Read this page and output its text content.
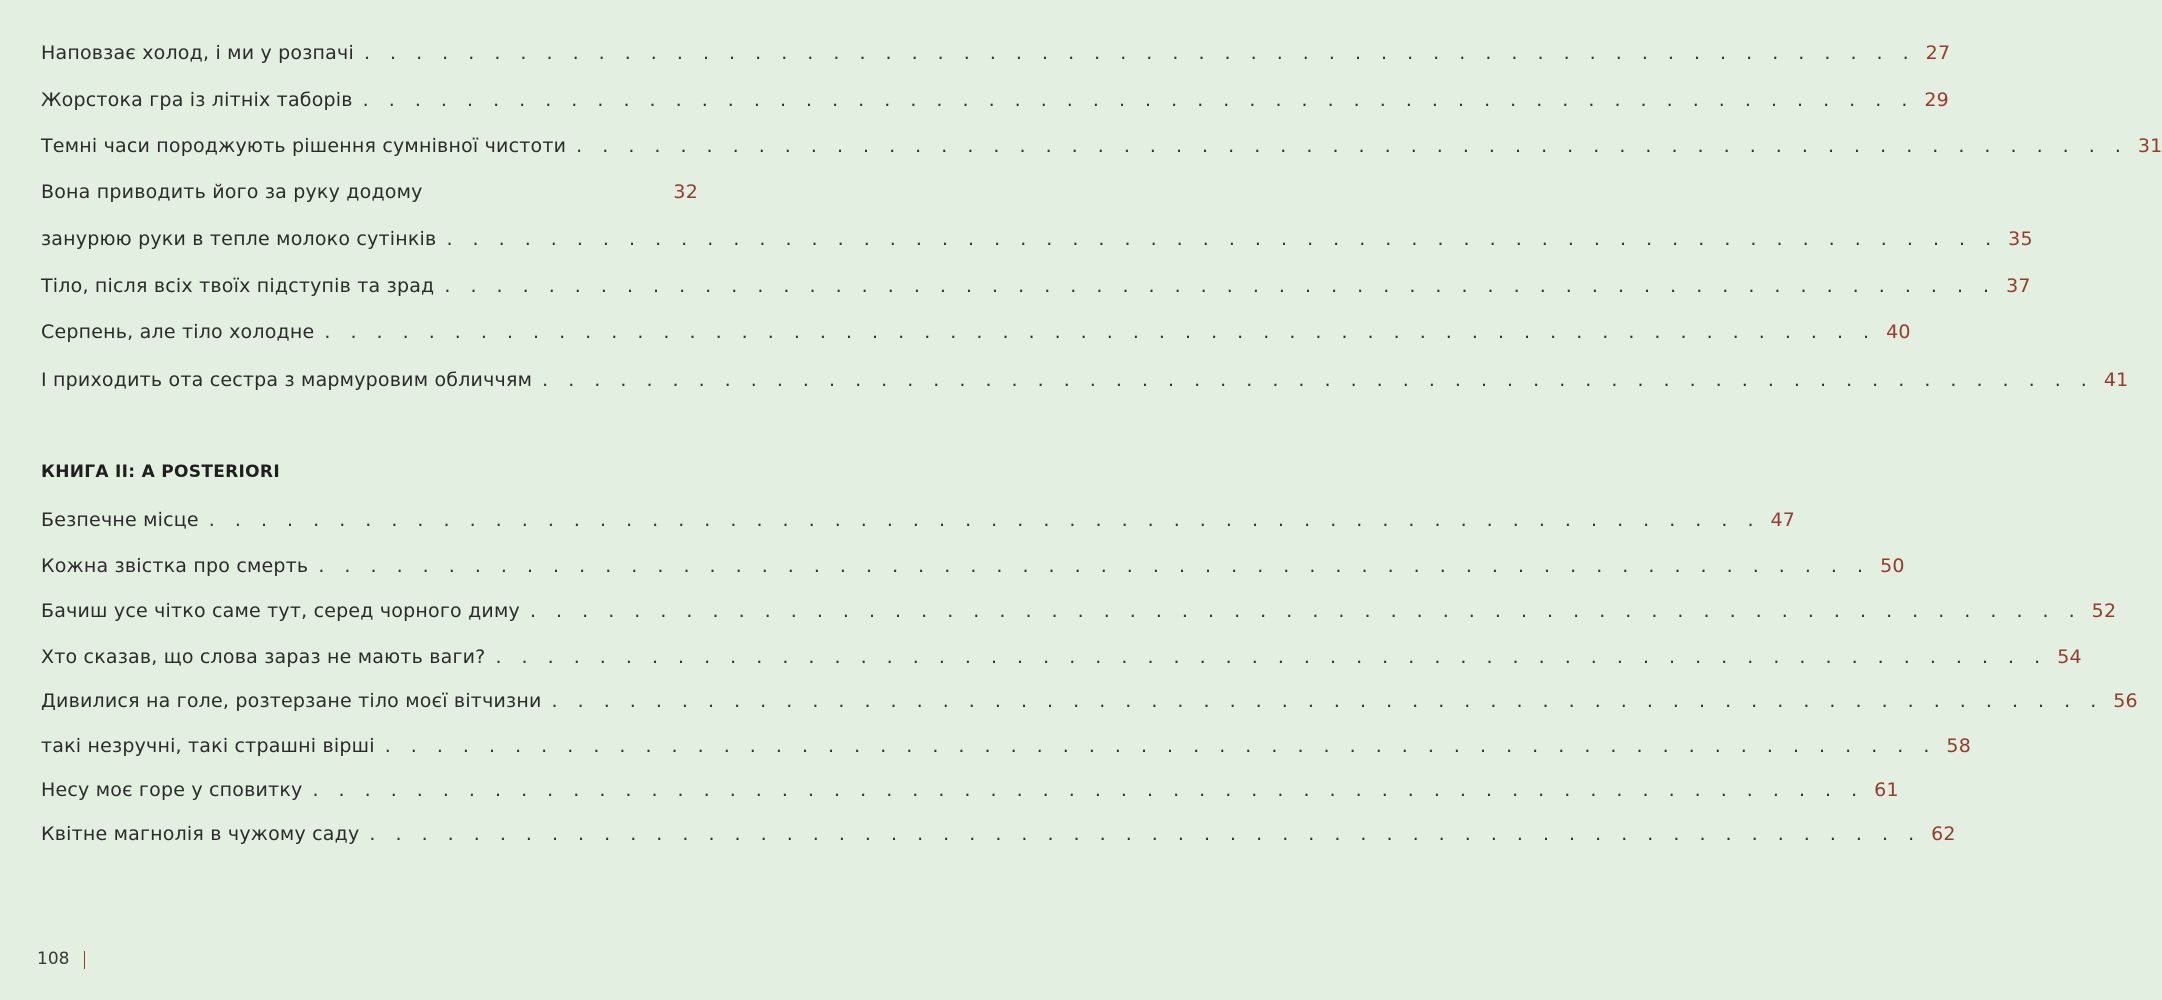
Наповзає холод, і ми у розпачі . . . . . . . . . . . . . . . . . . . . . . . . . . . . . . . . . . . . . . . . . . . . . . . . . . . . . . . . . . . . 27
Жорстока гра із літніх таборів . . . . . . . . . . . . . . . . . . . . . . . . . . . . . . . . . . . . . . . . . . . . . . . . . . . . . . . . . . . . 29
Темні часи породжують рішення сумнівної чистоти . . . . . . . . . . . . . . . . . . . . . . . . . . . . . . . . . . . . . . . . . . . . . . . . . . . . . . . . . . . . 31
Вона приводить його за руку додому	32
занурюю руки в тепле молоко сутінків . . . . . . . . . . . . . . . . . . . . . . . . . . . . . . . . . . . . . . . . . . . . . . . . . . . . . . . . . . . . 35
Тіло, після всіх твоїх підступів та зрад . . . . . . . . . . . . . . . . . . . . . . . . . . . . . . . . . . . . . . . . . . . . . . . . . . . . . . . . . . . . 37
Серпень, але тіло холодне . . . . . . . . . . . . . . . . . . . . . . . . . . . . . . . . . . . . . . . . . . . . . . . . . . . . . . . . . . . . 40
І приходить ота сестра з мармуровим обличчям . . . . . . . . . . . . . . . . . . . . . . . . . . . . . . . . . . . . . . . . . . . . . . . . . . . . . . . . . . . . 41
Безпечне місце . . . . . . . . . . . . . . . . . . . . . . . . . . . . . . . . . . . . . . . . . . . . . . . . . . . . . . . . . . . . 47
Кожна звістка про смерть . . . . . . . . . . . . . . . . . . . . . . . . . . . . . . . . . . . . . . . . . . . . . . . . . . . . . . . . . . . . 50
Бачиш усе чітко саме тут, серед чорного диму . . . . . . . . . . . . . . . . . . . . . . . . . . . . . . . . . . . . . . . . . . . . . . . . . . . . . . . . . . . . 52
Хто сказав, що слова зараз не мають ваги? . . . . . . . . . . . . . . . . . . . . . . . . . . . . . . . . . . . . . . . . . . . . . . . . . . . . . . . . . . . . 54
Дивилися на голе, розтерзане тіло моєї вітчизни . . . . . . . . . . . . . . . . . . . . . . . . . . . . . . . . . . . . . . . . . . . . . . . . . . . . . . . . . . . . 56
такі незручні, такі страшні вірші . . . . . . . . . . . . . . . . . . . . . . . . . . . . . . . . . . . . . . . . . . . . . . . . . . . . . . . . . . . . 58
Несу моє горе у сповитку . . . . . . . . . . . . . . . . . . . . . . . . . . . . . . . . . . . . . . . . . . . . . . . . . . . . . . . . . . . . 61
Квітне магнолія в чужому саду . . . . . . . . . . . . . . . . . . . . . . . . . . . . . . . . . . . . . . . . . . . . . . . . . . . . . . . . . . . . 62
КНИГА II: A POSTERIORI
108
